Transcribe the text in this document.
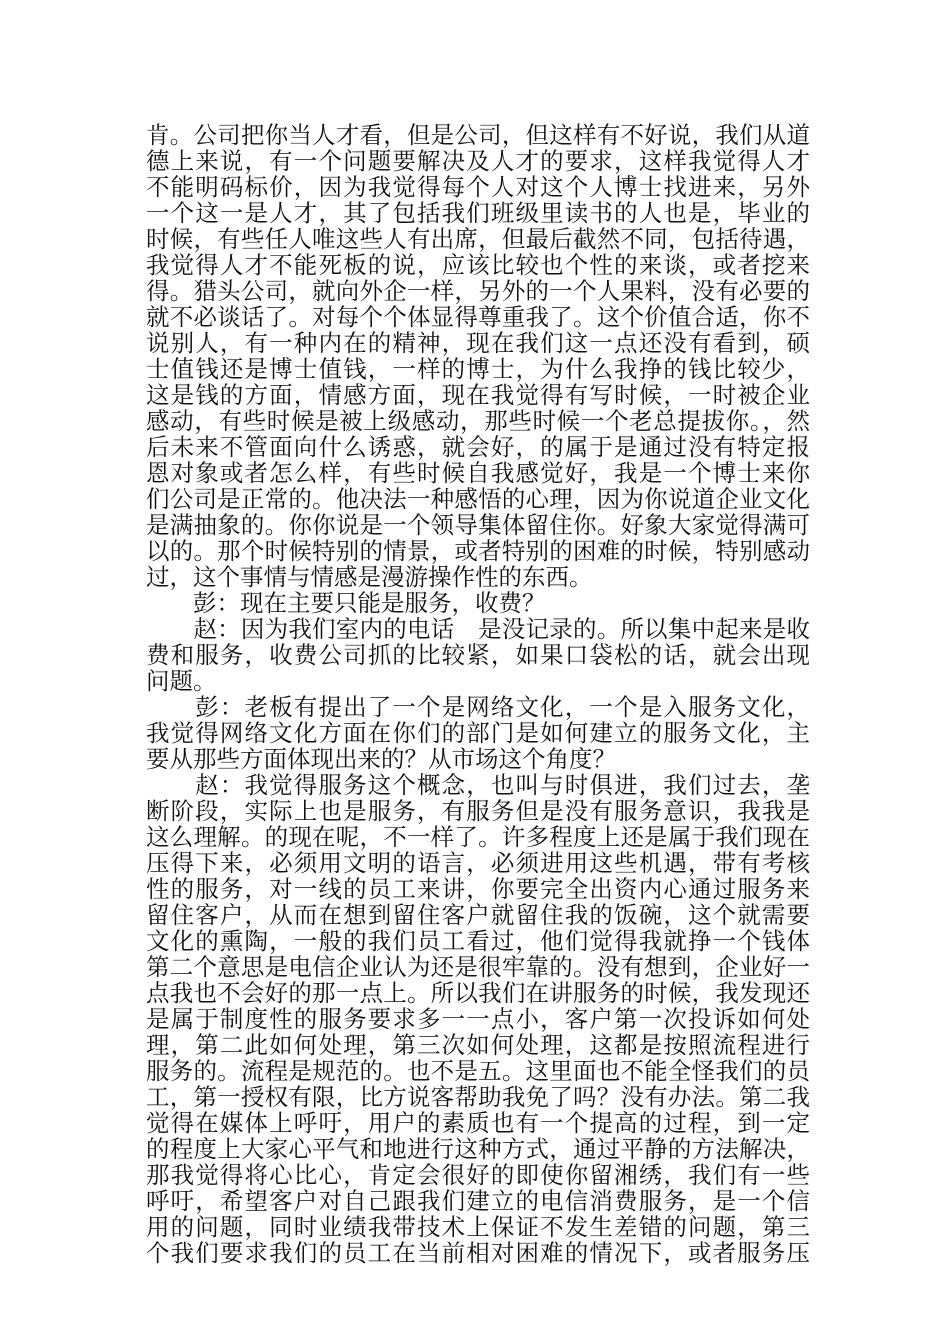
肯。公司把你当人才看，但是公司，但这样有不好说，我们从道
德上来说，有一个问题要解决及人才的要求，这样我觉得人才
不能明码标价，因为我觉得每个人对这个人博士找进来，另外
一个这一是人才，其了包括我们班级里读书的人也是，毕业的
时候，有些任人唯这些人有出席，但最后截然不同，包括待遇，
我觉得人才不能死板的说，应该比较也个性的来谈，或者挖来
得。猎头公司，就向外企一样，另外的一个人果料，没有必要的
就不必谈话了。对每个个体显得尊重我了。这个价值合适，你不
说别人，有一种内在的精神，现在我们这一点还没有看到，硕
士值钱还是博士值钱，一样的博士，为什么我挣的钱比较少，
这是钱的方面，情感方面，现在我觉得有写时候，一时被企业
感动，有些时候是被上级感动，那些时候一个老总提拔你。，然
后未来不管面向什么诱惑，就会好，的属于是通过没有特定报
恩对象或者怎么样，有些时候自我感觉好，我是一个博士来你
们公司是正常的。他决法一种感悟的心理，因为你说道企业文化
是满抽象的。你你说是一个领导集体留住你。好象大家觉得满可
以的。那个时候特别的情景，或者特别的困难的时候，特别感动
过，这个事情与情感是漫游操作性的东西。
　　彭：现在主要只能是服务，收费？
　　赵：因为我们室内的电话　是没记录的。所以集中起来是收
费和服务，收费公司抓的比较紧，如果口袋松的话，就会出现
问题。
　　彭：老板有提出了一个是网络文化，一个是入服务文化，
我觉得网络文化方面在你们的部门是如何建立的服务文化，主
要从那些方面体现出来的？从市场这个角度？
　　赵：我觉得服务这个概念，也叫与时俱进，我们过去，垄
断阶段，实际上也是服务，有服务但是没有服务意识，我我是
这么理解。的现在呢，不一样了。许多程度上还是属于我们现在
压得下来，必须用文明的语言，必须进用这些机遇，带有考核
性的服务，对一线的员工来讲，你要完全出资内心通过服务来
留住客户，从而在想到留住客户就留住我的饭碗，这个就需要
文化的熏陶，一般的我们员工看过，他们觉得我就挣一个钱体
第二个意思是电信企业认为还是很牢靠的。没有想到，企业好一
点我也不会好的那一点上。所以我们在讲服务的时候，我发现还
是属于制度性的服务要求多一一点小，客户第一次投诉如何处
理，第二此如何处理，第三次如何处理，这都是按照流程进行
服务的。流程是规范的。也不是五。这里面也不能全怪我们的员
工，第一授权有限，比方说客帮助我免了吗？没有办法。第二我
觉得在媒体上呼吁，用户的素质也有一个提高的过程，到一定
的程度上大家心平气和地进行这种方式，通过平静的方法解决，
那我觉得将心比心，肯定会很好的即使你留湘绣，我们有一些
呼吁，希望客户对自己跟我们建立的电信消费服务，是一个信
用的问题，同时业绩我带技术上保证不发生差错的问题，第三
个我们要求我们的员工在当前相对困难的情况下，或者服务压
